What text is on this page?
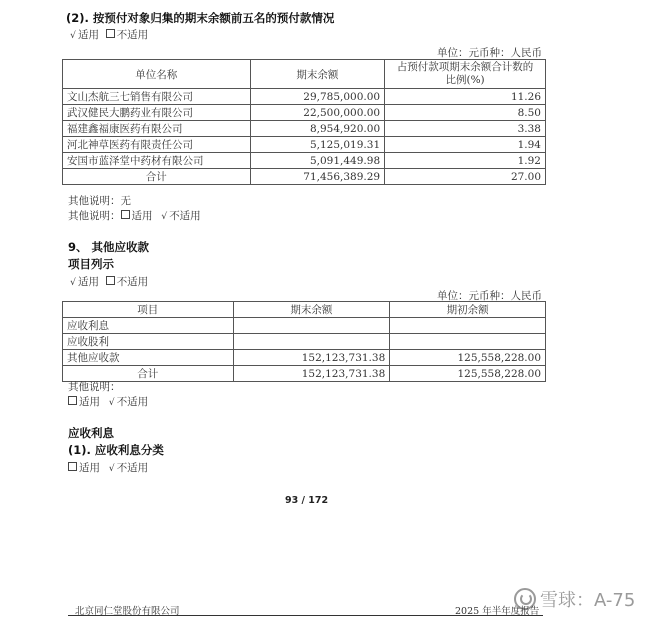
(2). 按预付对象归集的期末余额前五名的预付款情况
√ 适用 不适用
单位：元币种：人民币
单位名称	期末余额	占预付款项期末余额合计数的
比例(%)

文山杰航三七销售有限公司	29,785,000.00	11.26
武汉健民大鹏药业有限公司	22,500,000.00	8.50
福建鑫福康医药有限公司	8,954,920.00	3.38
河北神草医药有限责任公司	5,125,019.31	1.94
安国市蓝泽堂中药材有限公司	5,091,449.98	1.92
合计	71,456,389.29	27.00
其他说明：无
其他说明： 适用 √ 不适用
9、 其他应收款
项目列示
√ 适用 不适用
单位：元币种：人民币
项目	期末余额	期初余额
应收利息		
应收股利		
其他应收款	152,123,731.38	125,558,228.00
合计	152,123,731.38	125,558,228.00
其他说明：
适用 √ 不适用
应收利息
(1). 应收利息分类
适用 √ 不适用
93 / 172
雪球：A-75
北京同仁堂股份有限公司	2025 年半年度报告
